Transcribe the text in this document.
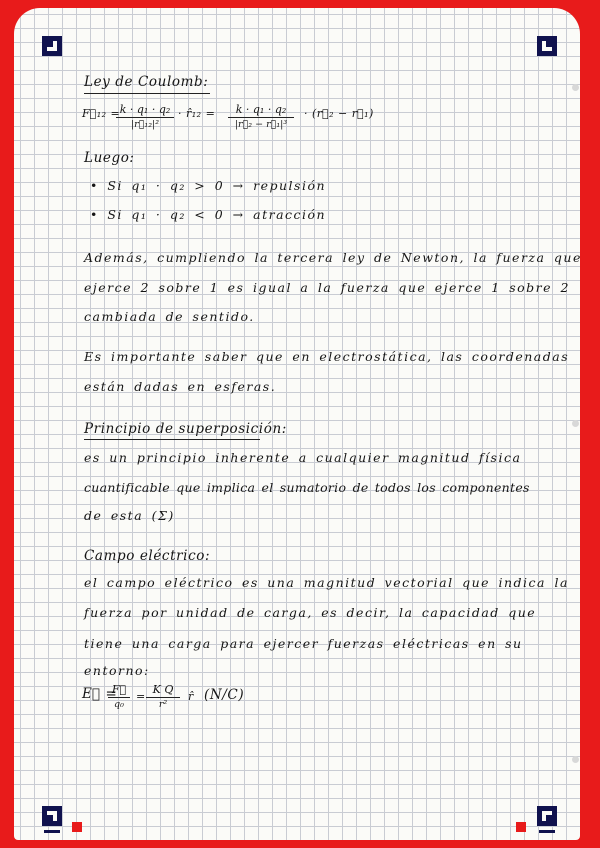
Ley de Coulomb:
F⃗₁₂ =
$\frac{\text{k · q₁ · q₂}}{\text{|r⃗₁₂|²}}$ · r̂₁₂ = $\frac{\text{k · q₁ · q₂}}{\text{|r⃗₂ − r⃗₁|³}}$ · (r⃗₂ − r⃗₁)
Luego:
• Si q₁ · q₂ > 0 → repulsión
• Si q₁ · q₂ < 0 → atracción
Además, cumpliendo la tercera ley de Newton, la fuerza que
ejerce 2 sobre 1 es igual a la fuerza que ejerce 1 sobre 2
cambiada de sentido.
Es importante saber que en electrostática, las coordenadas
están dadas en esferas.
Principio de superposición:
es un principio inherente a cualquier magnitud física
cuantificable que implica el sumatorio de todos los componentes
de esta (Σ)
Campo eléctrico:
el campo eléctrico es una magnitud vectorial que indica la
fuerza por unidad de carga, es decir, la capacidad que
tiene una carga para ejercer fuerzas eléctricas en su
entorno:
E⃗ =
$\frac{F⃗}{\text{q₀}} = \frac{\text{K Q}}{\text{r²}}$ r̂ (N/C)
